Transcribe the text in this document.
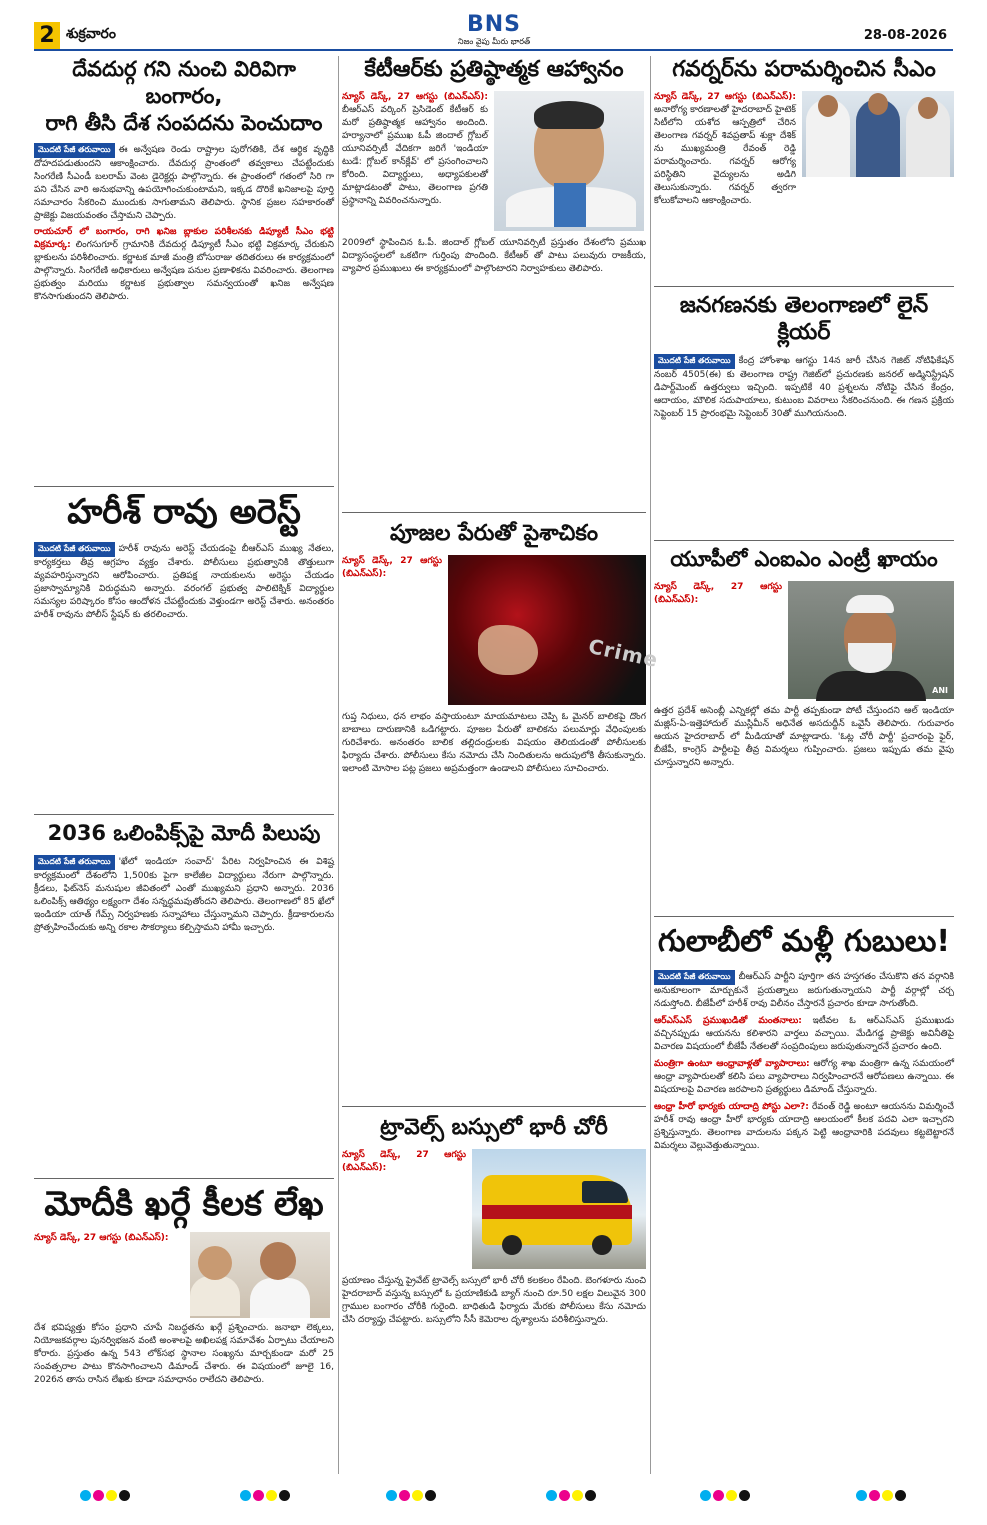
2 శుక్రవారం	BNS
నిజం వైపు మీరు భారత్	28-08-2026
దేవదుర్గ గని నుంచి విరివిగా బంగారం,
రాగి తీసి దేశ సంపదను పెంచుదాం
మొదటి పేజీ తరువాయి ఈ అన్వేషణ రెండు రాష్ట్రాల పురోగతికి, దేశ ఆర్థిక వృద్ధికి దోహదపడుతుందని ఆకాంక్షించారు. దేవదుర్గ ప్రాంతంలో తవ్వకాలు చేపట్టేందుకు సింగరేణి సీఎండీ బలరామ్ వెంట డైరెక్టర్లు పాల్గొన్నారు. ఈ ప్రాంతంలో గతంలో సిరి గా పని చేసిన వారి అనుభవాన్ని ఉపయోగించుకుంటామని, ఇక్కడ దొరికే ఖనిజాలపై పూర్తి సమాచారం సేకరించి ముందుకు సాగుతామని తెలిపారు. స్థానిక ప్రజల సహకారంతో ప్రాజెక్టు విజయవంతం చేస్తామని చెప్పారు.
రాయచూర్ లో బంగారం, రాగి ఖనిజ బ్లాకుల పరిశీలనకు డిప్యూటీ సీఎం భట్టి విక్రమార్క: లింగసుగూర్ గ్రామానికి దేవదుర్గ డిప్యూటీ సీఎం భట్టి విక్రమార్క చేరుకుని బ్లాకులను పరిశీలించారు. కర్ణాటక మాజీ మంత్రి బోసురాజు తదితరులు ఈ కార్యక్రమంలో పాల్గొన్నారు. సింగరేణి అధికారులు అన్వేషణ పనుల ప్రణాళికను వివరించారు. తెలంగాణ ప్రభుత్వం మరియు కర్ణాటక ప్రభుత్వాల సమన్వయంతో ఖనిజ అన్వేషణ కొనసాగుతుందని తెలిపారు.
హరీశ్ రావు అరెస్ట్
మొదటి పేజీ తరువాయి హరీశ్ రావును అరెస్ట్ చేయడంపై బీఆర్ఎస్ ముఖ్య నేతలు, కార్యకర్తలు తీవ్ర ఆగ్రహం వ్యక్తం చేశారు. పోలీసులు ప్రభుత్వానికి తొత్తులుగా వ్యవహరిస్తున్నారని ఆరోపించారు. ప్రతిపక్ష నాయకులను అరెస్టు చేయడం ప్రజాస్వామ్యానికి విరుద్ధమని అన్నారు. వరంగల్ ప్రభుత్వ పాలిటెక్నిక్ విద్యార్థుల సమస్యల పరిష్కారం కోసం ఆందోళన చేపట్టేందుకు వెళ్తుండగా అరెస్ట్ చేశారు. అనంతరం హరీశ్ రావును పోలీస్ స్టేషన్ కు తరలించారు.
2036 ఒలింపిక్స్‌పై మోదీ పిలుపు
మొదటి పేజీ తరువాయి 'ఖేలో ఇండియా సంవాద్' పేరిట నిర్వహించిన ఈ విశిష్ట కార్యక్రమంలో దేశంలోని 1,500కు పైగా కాలేజీల విద్యార్థులు నేరుగా పాల్గొన్నారు. క్రీడలు, ఫిట్‌నెస్ మనుషుల జీవితంలో ఎంతో ముఖ్యమని ప్రధాని అన్నారు. 2036 ఒలింపిక్స్ ఆతిథ్యం లక్ష్యంగా దేశం సన్నద్ధమవుతోందని తెలిపారు. తెలంగాణలో 85 ఖేలో ఇండియా యాత్ గేమ్స్ నిర్వహణకు సన్నాహాలు చేస్తున్నామని చెప్పారు. క్రీడాకారులను ప్రోత్సహించేందుకు అన్ని రకాల సౌకర్యాలు కల్పిస్తామని హామీ ఇచ్చారు.
మోదీకి ఖర్గే కీలక లేఖ
న్యూస్ డెస్క్, 27 ఆగస్టు (బిఎన్ఎస్):
దేశ భవిష్యత్తు కోసం ప్రధాని చూపే నిబద్ధతను ఖర్గే ప్రశ్నించారు. జనాభా లెక్కలు, నియోజకవర్గాల పునర్విభజన వంటి అంశాలపై అఖిలపక్ష సమావేశం ఏర్పాటు చేయాలని కోరారు. ప్రస్తుతం ఉన్న 543 లోక్‌సభ స్థానాల సంఖ్యను మార్చకుండా మరో 25 సంవత్సరాల పాటు కొనసాగించాలని డిమాండ్ చేశారు. ఈ విషయంలో జూలై 16, 2026న తాను రాసిన లేఖకు కూడా సమాధానం రాలేదని తెలిపారు.
కేటీఆర్‌కు ప్రతిష్ఠాత్మక ఆహ్వానం
న్యూస్ డెస్క్, 27 ఆగస్టు (బిఎన్ఎస్): బీఆర్ఎస్ వర్కింగ్ ప్రెసిడెంట్ కేటీఆర్ కు మరో ప్రతిష్ఠాత్మక ఆహ్వానం అందింది. హర్యానాలో ప్రముఖ ఓపీ జిందాల్ గ్లోబల్ యూనివర్సిటీ వేదికగా జరిగే 'ఇండియా టుడే: గ్లోబల్ కాన్‌క్లేవ్' లో ప్రసంగించాలని కోరింది. విద్యార్థులు, అధ్యాపకులతో మాట్లాడటంతో పాటు, తెలంగాణ ప్రగతి ప్రస్థానాన్ని వివరించనున్నారు.
2009లో స్థాపించిన ఓ.పీ. జిందాల్ గ్లోబల్ యూనివర్సిటీ ప్రస్తుతం దేశంలోని ప్రముఖ విద్యాసంస్థలలో ఒకటిగా గుర్తింపు పొందింది. కేటీఆర్ తో పాటు పలువురు రాజకీయ, వ్యాపార ప్రముఖులు ఈ కార్యక్రమంలో పాల్గొంటారని నిర్వాహకులు తెలిపారు.
పూజల పేరుతో పైశాచికం
న్యూస్ డెస్క్, 27 ఆగస్టు (బిఎన్ఎస్):
Crime
గుప్త నిధులు, ధన లాభం వస్తాయంటూ మాయమాటలు చెప్పి ఓ మైనర్ బాలికపై దొంగ బాబాలు దారుణానికి ఒడిగట్టారు. పూజల పేరుతో బాలికను పలుమార్లు వేధింపులకు గురిచేశారు. అనంతరం బాలిక తల్లిదండ్రులకు విషయం తెలియడంతో పోలీసులకు ఫిర్యాదు చేశారు. పోలీసులు కేసు నమోదు చేసి నిందితులను అదుపులోకి తీసుకున్నారు. ఇలాంటి మోసాల పట్ల ప్రజలు అప్రమత్తంగా ఉండాలని పోలీసులు సూచించారు.
ట్రావెల్స్ బస్సులో భారీ చోరీ
న్యూస్ డెస్క్, 27 ఆగస్టు (బిఎన్ఎస్):
ప్రయాణం చేస్తున్న ప్రైవేట్ ట్రావెల్స్ బస్సులో భారీ చోరీ కలకలం రేపింది. బెంగళూరు నుంచి హైదరాబాద్ వస్తున్న బస్సులో ఓ ప్రయాణికుడి బ్యాగ్ నుంచి రూ.50 లక్షల విలువైన 300 గ్రాముల బంగారం చోరీకి గురైంది. బాధితుడి ఫిర్యాదు మేరకు పోలీసులు కేసు నమోదు చేసి దర్యాప్తు చేపట్టారు. బస్సులోని సీసీ కెమెరాల దృశ్యాలను పరిశీలిస్తున్నారు.
గవర్నర్‌ను పరామర్శించిన సీఎం
న్యూస్ డెస్క్, 27 ఆగస్టు (బిఎన్ఎస్): అనారోగ్య కారణాలతో హైదరాబాద్ హైటెక్ సిటీలోని యశోద ఆస్పత్రిలో చేరిన తెలంగాణ గవర్నర్ శివప్రతాప్ శుక్లా దేశిక్ ను ముఖ్యమంత్రి రేవంత్ రెడ్డి పరామర్శించారు. గవర్నర్ ఆరోగ్య పరిస్థితిని వైద్యులను అడిగి తెలుసుకున్నారు. గవర్నర్ త్వరగా కోలుకోవాలని ఆకాంక్షించారు.
జనగణనకు తెలంగాణలో లైన్ క్లియర్
మొదటి పేజీ తరువాయి కేంద్ర హోంశాఖ ఆగస్టు 14న జారీ చేసిన గెజిట్ నోటిఫికేషన్ నంబర్ 4505(ఈ) కు తెలంగాణ రాష్ట్ర గెజిట్‌లో ప్రచురణకు జనరల్ అడ్మినిస్ట్రేషన్ డిపార్ట్‌మెంట్ ఉత్తర్వులు ఇచ్చింది. ఇప్పటికే 40 ప్రశ్నలను నోటిఫై చేసిన కేంద్రం, ఆదాయం, మౌలిక సదుపాయాలు, కుటుంబ వివరాలు సేకరించనుంది. ఈ గణన ప్రక్రియ సెప్టెంబర్ 15 ప్రారంభమై సెప్టెంబర్ 30తో ముగియనుంది.
యూపీలో ఎంఐఎం ఎంట్రీ ఖాయం
న్యూస్ డెస్క్, 27 ఆగస్టు (బిఎన్ఎస్):
ANI
ఉత్తర ప్రదేశ్ అసెంబ్లీ ఎన్నికల్లో తమ పార్టీ తప్పకుండా పోటీ చేస్తుందని ఆల్ ఇండియా మజ్లిస్-ఏ-ఇత్తెహాదుల్ ముస్లిమీన్ అధినేత అసదుద్దీన్ ఒవైసీ తెలిపారు. గురువారం ఆయన హైదరాబాద్ లో మీడియాతో మాట్లాడారు. 'ఓట్ల చోరీ పార్టీ' ప్రచారంపై ఫైర్, బీజేపీ, కాంగ్రెస్ పార్టీలపై తీవ్ర విమర్శలు గుప్పించారు. ప్రజలు ఇప్పుడు తమ వైపు చూస్తున్నారని అన్నారు.
గులాబీలో మళ్లీ గుబులు!
మొదటి పేజీ తరువాయి బీఆర్ఎస్ పార్టీని పూర్తిగా తన హస్తగతం చేసుకొని తన వర్గానికి అనుకూలంగా మార్చుకునే ప్రయత్నాలు జరుగుతున్నాయని పార్టీ వర్గాల్లో చర్చ నడుస్తోంది. బీజేపీలో హరీశ్ రావు విలీనం చేస్తారనే ప్రచారం కూడా సాగుతోంది.
ఆర్ఎస్ఎస్ ప్రముఖుడితో మంతనాలు: ఇటీవల ఓ ఆర్ఎస్ఎస్ ప్రముఖుడు వచ్చినప్పుడు ఆయనను కలిశారని వార్తలు వచ్చాయి. మేడిగడ్డ ప్రాజెక్టు అవినీతిపై విచారణ విషయంలో బీజేపీ నేతలతో సంప్రదింపులు జరుపుతున్నారనే ప్రచారం ఉంది.
మంత్రిగా ఉంటూ ఆంధ్రావాళ్లతో వ్యాపారాలు: ఆరోగ్య శాఖ మంత్రిగా ఉన్న సమయంలో ఆంధ్రా వ్యాపారులతో కలిసి పలు వ్యాపారాలు నిర్వహించారనే ఆరోపణలు ఉన్నాయి. ఈ విషయాలపై విచారణ జరపాలని ప్రత్యర్థులు డిమాండ్ చేస్తున్నారు.
ఆంధ్రా హీరో భార్యకు యాదాద్రి పోస్టు ఎలా?: రేవంత్ రెడ్డి అంటూ ఆయనను విమర్శించే హరీశ్ రావు ఆంధ్రా హీరో భార్యకు యాదాద్రి ఆలయంలో కీలక పదవి ఎలా ఇచ్చారని ప్రశ్నిస్తున్నారు. తెలంగాణ వాదులను పక్కన పెట్టి ఆంధ్రావారికి పదవులు కట్టబెట్టారనే విమర్శలు వెల్లువెత్తుతున్నాయి.
